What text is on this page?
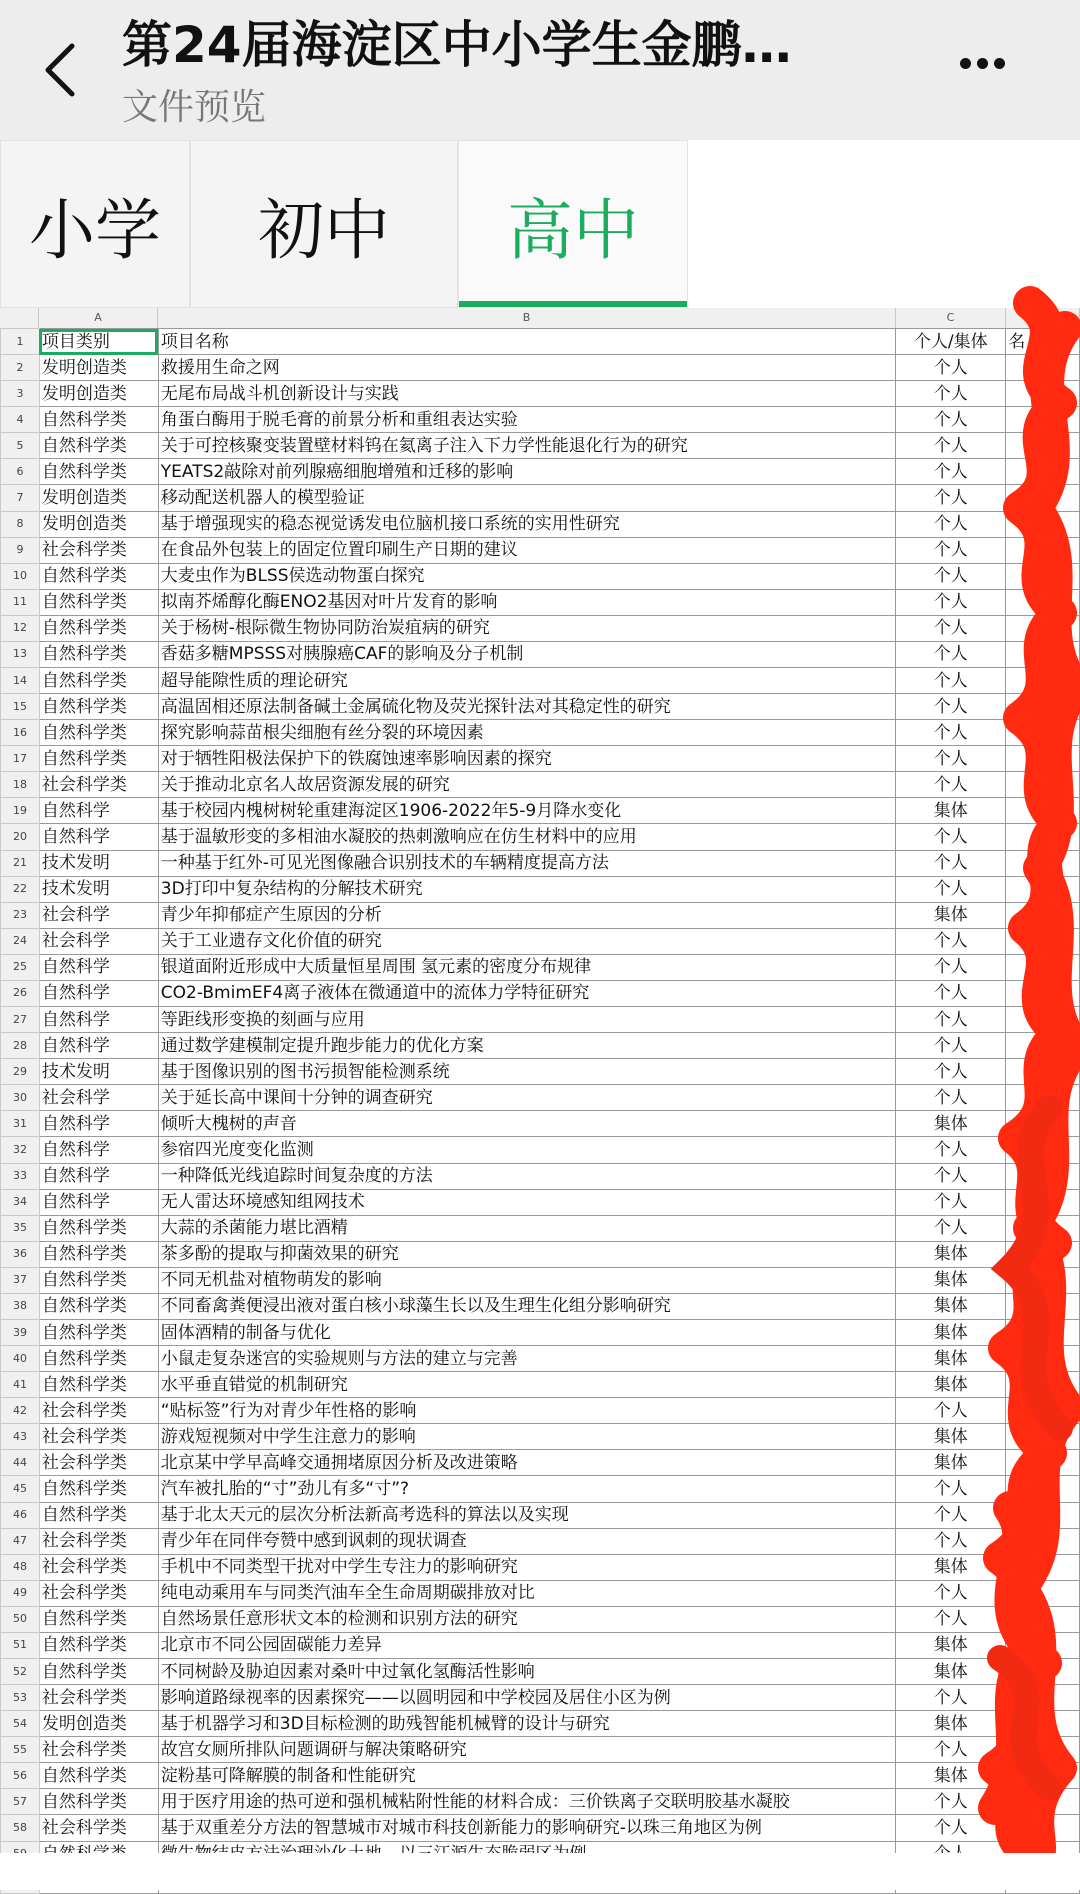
第24届海淀区中小学生金鹏…
文件预览
小学	初中	高中
A	B	C	D
1	项目类别	项目名称	个人/集体	名
2	发明创造类	救援用生命之网	个人	
3	发明创造类	无尾布局战斗机创新设计与实践	个人	
4	自然科学类	角蛋白酶用于脱毛膏的前景分析和重组表达实验	个人	
5	自然科学类	关于可控核聚变装置壁材料钨在氦离子注入下力学性能退化行为的研究	个人	
6	自然科学类	YEATS2敲除对前列腺癌细胞增殖和迁移的影响	个人	
7	发明创造类	移动配送机器人的模型验证	个人	
8	发明创造类	基于增强现实的稳态视觉诱发电位脑机接口系统的实用性研究	个人	
9	社会科学类	在食品外包装上的固定位置印刷生产日期的建议	个人	
10	自然科学类	大麦虫作为BLSS侯选动物蛋白探究	个人	
11	自然科学类	拟南芥烯醇化酶ENO2基因对叶片发育的影响	个人	
12	自然科学类	关于杨树-根际微生物协同防治炭疽病的研究	个人	
13	自然科学类	香菇多糖MPSSS对胰腺癌CAF的影响及分子机制	个人	
14	自然科学类	超导能隙性质的理论研究	个人	
15	自然科学类	高温固相还原法制备碱土金属硫化物及荧光探针法对其稳定性的研究	个人	
16	自然科学类	探究影响蒜苗根尖细胞有丝分裂的环境因素	个人	
17	自然科学类	对于牺牲阳极法保护下的铁腐蚀速率影响因素的探究	个人	
18	社会科学类	关于推动北京名人故居资源发展的研究	个人	
19	自然科学	基于校园内槐树树轮重建海淀区1906-2022年5-9月降水变化	集体	
20	自然科学	基于温敏形变的多相油水凝胶的热刺激响应在仿生材料中的应用	个人	
21	技术发明	一种基于红外-可见光图像融合识别技术的车辆精度提高方法	个人	
22	技术发明	3D打印中复杂结构的分解技术研究	个人	
23	社会科学	青少年抑郁症产生原因的分析	集体	
24	社会科学	关于工业遗存文化价值的研究	个人	
25	自然科学	银道面附近形成中大质量恒星周围 氢元素的密度分布规律	个人	
26	自然科学	CO2-BmimEF4离子液体在微通道中的流体力学特征研究	个人	
27	自然科学	等距线形变换的刻画与应用	个人	
28	自然科学	通过数学建模制定提升跑步能力的优化方案	个人	
29	技术发明	基于图像识别的图书污损智能检测系统	个人	
30	社会科学	关于延长高中课间十分钟的调查研究	个人	
31	自然科学	倾听大槐树的声音	集体	
32	自然科学	参宿四光度变化监测	个人	
33	自然科学	一种降低光线追踪时间复杂度的方法	个人	
34	自然科学	无人雷达环境感知组网技术	个人	
35	自然科学类	大蒜的杀菌能力堪比酒精	个人	
36	自然科学类	茶多酚的提取与抑菌效果的研究	集体	
37	自然科学类	不同无机盐对植物萌发的影响	集体	
38	自然科学类	不同畜禽粪便浸出液对蛋白核小球藻生长以及生理生化组分影响研究	集体	
39	自然科学类	固体酒精的制备与优化	集体	
40	自然科学类	小鼠走复杂迷宫的实验规则与方法的建立与完善	集体	
41	自然科学类	水平垂直错觉的机制研究	集体	
42	社会科学类	“贴标签”行为对青少年性格的影响	个人	
43	社会科学类	游戏短视频对中学生注意力的影响	集体	
44	社会科学类	北京某中学早高峰交通拥堵原因分析及改进策略	集体	
45	自然科学类	汽车被扎胎的“寸”劲儿有多“寸”?	个人	
46	自然科学类	基于北太天元的层次分析法新高考选科的算法以及实现	个人	
47	社会科学类	青少年在同伴夸赞中感到讽刺的现状调查	个人	
48	社会科学类	手机中不同类型干扰对中学生专注力的影响研究	集体	
49	社会科学类	纯电动乘用车与同类汽油车全生命周期碳排放对比	个人	
50	自然科学类	自然场景任意形状文本的检测和识别方法的研究	个人	
51	自然科学类	北京市不同公园固碳能力差异	集体	
52	自然科学类	不同树龄及胁迫因素对桑叶中过氧化氢酶活性影响	集体	
53	社会科学类	影响道路绿视率的因素探究——以圆明园和中学校园及居住小区为例	个人	
54	发明创造类	基于机器学习和3D目标检测的助残智能机械臂的设计与研究	集体	
55	社会科学类	故宫女厕所排队问题调研与解决策略研究	个人	
56	自然科学类	淀粉基可降解膜的制备和性能研究	集体	
57	自然科学类	用于医疗用途的热可逆和强机械粘附性能的材料合成：三价铁离子交联明胶基水凝胶	个人	
58	社会科学类	基于双重差分方法的智慧城市对城市科技创新能力的影响研究-以珠三角地区为例	个人	
